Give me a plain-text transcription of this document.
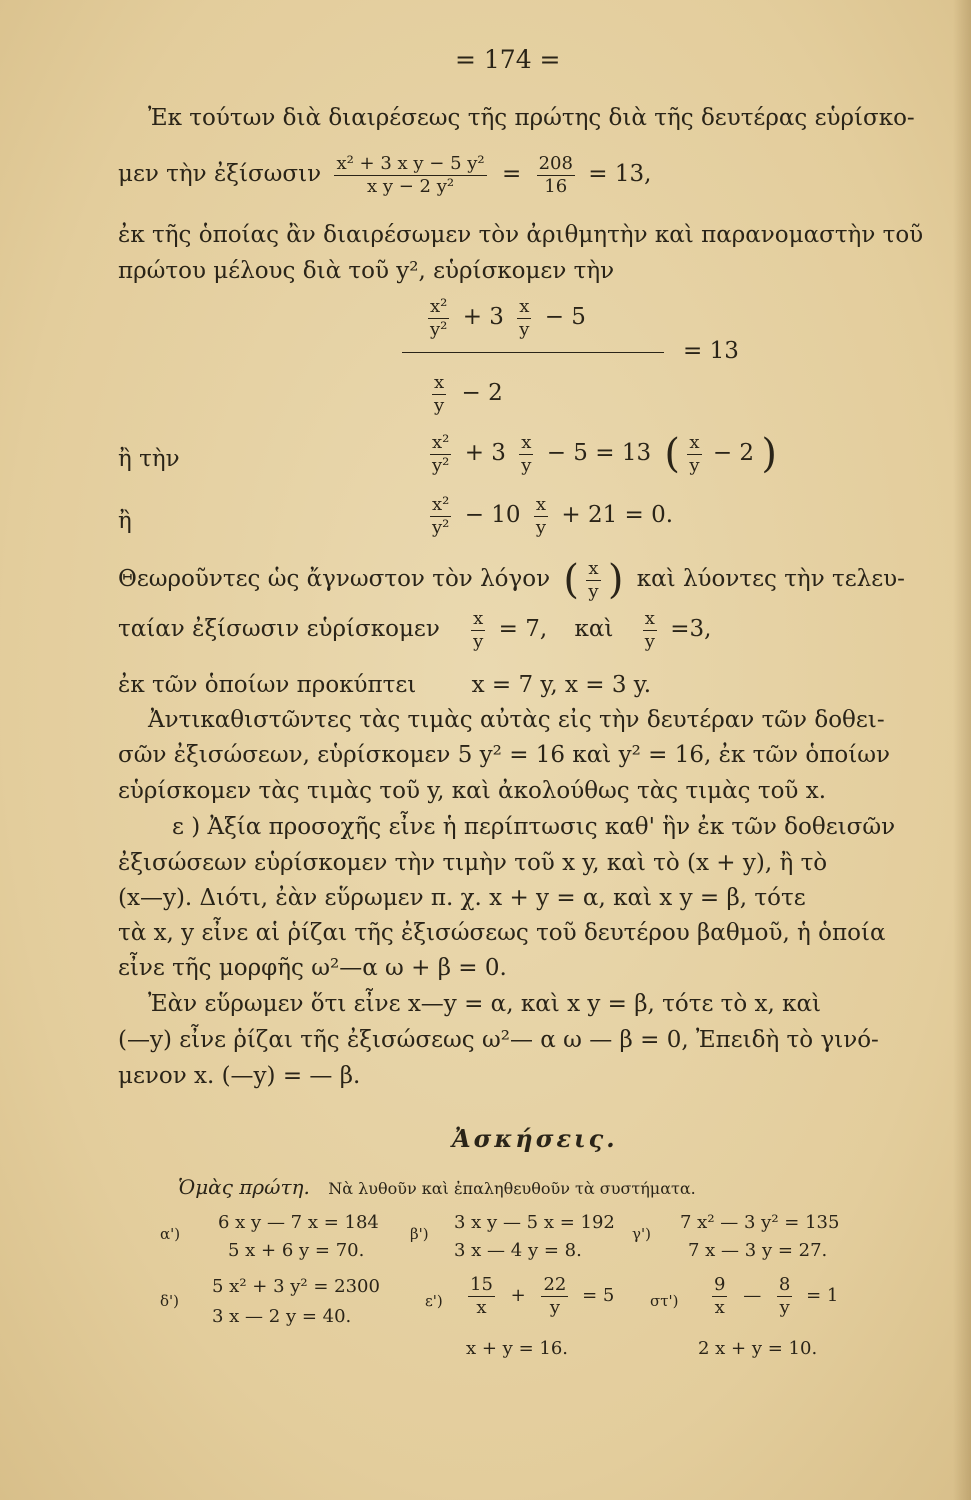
= 174 =
Ἐκ τούτων διὰ διαιρέσεως τῆς πρώτης διὰ τῆς δευτέρας εὑρίσκο-
μεν τὴν ἐξίσωσιν $\frac{\text{x² + 3 x y − 5 y²}}{\text{x y − 2 y²}} = \frac{208}{16} = 13$,
ἐκ τῆς ὁποίας ἂν διαιρέσωμεν τὸν ἀριθμητὴν καὶ παρανομαστὴν τοῦ
πρώτου μέλους διὰ τοῦ y², εὑρίσκομεν τὴν
$\frac{\text{x²}}{\text{y²}} + 3 \frac{x}{y} - 5$
= 13
$\frac{x}{y} - 2$
ἢ τὴν	$\frac{\text{x²}}{\text{y²}} + 3 \frac{x}{y} - 5 = 13$ ( $\frac{x}{y} - 2$ )
ἢ	$\frac{\text{x²}}{\text{y²}} - 10 \frac{x}{y} + 21 = 0$.
Θεωροῦντες ὡς ἄγνωστον τὸν λόγον ( $\frac{x}{y}$ ) καὶ λύοντες τὴν τελευ-
ταίαν ἐξίσωσιν εὑρίσκομεν $\frac{x}{y} = 7$, καὶ $\frac{x}{y} =3$,
ἐκ τῶν ὁποίων προκύπτει x = 7 y, x = 3 y.
Ἀντικαθιστῶντες τὰς τιμὰς αὐτὰς εἰς τὴν δευτέραν τῶν δοθει-
σῶν ἐξισώσεων, εὑρίσκομεν 5 y² = 16 καὶ y² = 16, ἐκ τῶν ὁποίων
εὑρίσκομεν τὰς τιμὰς τοῦ y, καὶ ἀκολούθως τὰς τιμὰς τοῦ x.
ε ) Ἀξία προσοχῆς εἶνε ἡ περίπτωσις καθ' ἣν ἐκ τῶν δοθεισῶν
ἐξισώσεων εὑρίσκομεν τὴν τιμὴν τοῦ x y, καὶ τὸ (x + y), ἢ τὸ
(x—y). Διότι, ἐὰν εὕρωμεν π. χ. x + y = α, καὶ x y = β, τότε
τὰ x, y εἶνε αἱ ῥίζαι τῆς ἐξισώσεως τοῦ δευτέρου βαθμοῦ, ἡ ὁποία
εἶνε τῆς μορφῆς ω²—α ω + β = 0.
Ἐὰν εὕρωμεν ὅτι εἶνε x—y = α, καὶ x y = β, τότε τὸ x, καὶ
(—y) εἶνε ῥίζαι τῆς ἐξισώσεως ω²— α ω — β = 0, Ἐπειδὴ τὸ γινό-
μενον x. (—y) = — β.
Ἀσκήσεις.
Ὁμὰς πρώτη. Νὰ λυθοῦν καὶ ἐπαληθευθοῦν τὰ συστήματα.
α')
6 x y — 7 x = 184
5 x + 6 y = 70.
β')
3 x y — 5 x = 192
3 x — 4 y = 8.
γ')
7 x² — 3 y² = 135
7 x — 3 y = 27.
δ')
5 x² + 3 y² = 2300
3 x — 2 y = 40.
$\varepsilon') \frac{15}{x} + \frac{22}{y} = 5$
x + y = 16.
$\sigma\tau') \frac{9}{x}$ — $\frac{8}{y} = 1$
2 x + y = 10.
